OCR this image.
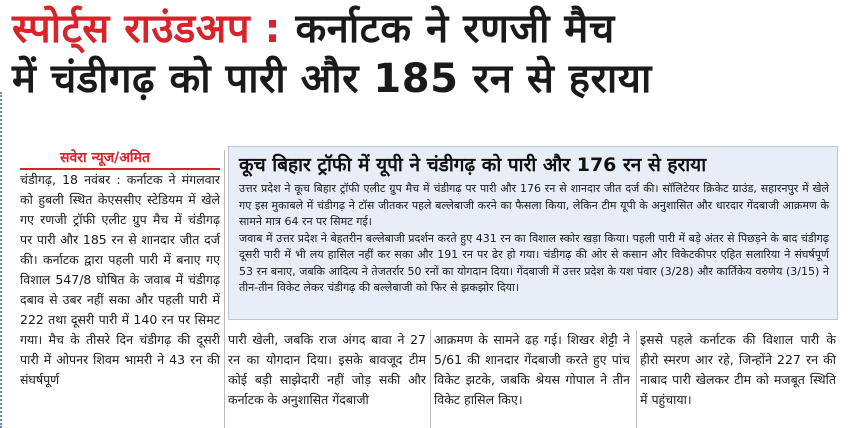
स्पोर्ट्स राउंडअप : कर्नाटक ने रणजी मैच
में चंडीगढ़ को पारी और 185 रन से हराया
सवेरा न्यूज/अमित

चंडीगढ़, 18 नवंबर : कर्नाटक ने मंगलवार को हुबली स्थित केएससीए स्टेडियम में खेले गए रणजी ट्रॉफी एलीट ग्रुप मैच में चंडीगढ़ पर पारी और 185 रन से शानदार जीत दर्ज की। कर्नाटक द्वारा पहली पारी में बनाए गए विशाल 547/8 घोषित के जवाब में चंडीगढ़ दबाव से उबर नहीं सका और पहली पारी में 222 तथा दूसरी पारी में 140 रन पर सिमट गया। मैच के तीसरे दिन चंडीगढ़ की दूसरी पारी में ओपनर शिवम भामरी ने 43 रन की संघर्षपूर्ण

कूच बिहार ट्रॉफी में यूपी ने चंडीगढ़ को पारी और 176 रन से हराया

उत्तर प्रदेश ने कूच बिहार ट्रॉफी एलीट ग्रुप मैच में चंडीगढ़ पर पारी और 176 रन से शानदार जीत दर्ज की। सॉलिटेयर क्रिकेट ग्राउंड, सहारनपुर में खेले गए इस मुकाबले में चंडीगढ़ ने टॉस जीतकर पहले बल्लेबाजी करने का फैसला किया, लेकिन टीम यूपी के अनुशासित और धारदार गेंदबाजी आक्रमण के सामने मात्र 64 रन पर सिमट गई।

जवाब में उत्तर प्रदेश ने बेहतरीन बल्लेबाजी प्रदर्शन करते हुए 431 रन का विशाल स्कोर खड़ा किया। पहली पारी में बड़े अंतर से पिछड़ने के बाद चंडीगढ़ दूसरी पारी में भी लय हासिल नहीं कर सका और 191 रन पर ढेर हो गया। चंडीगढ़ की ओर से कसान और विकेटकीपर एहित सलारिया ने संघर्षपूर्ण 53 रन बनाए, जबकि आदित्य ने तेजतर्रार 50 रनों का योगदान दिया। गेंदबाजी में उत्तर प्रदेश के यश पंवार (3/28) और कार्तिकेय वरुणेय (3/15) ने तीन-तीन विकेट लेकर चंडीगढ़ की बल्लेबाजी को फिर से झकझोर दिया।

पारी खेली, जबकि राज अंगद बावा ने 27 रन का योगदान दिया। इसके बावजूद टीम कोई बड़ी साझेदारी नहीं जोड़ सकी और कर्नाटक के अनुशासित गेंदबाजी

आक्रमण के सामने ढह गई। शिखर शेट्टी ने 5/61 की शानदार गेंदबाजी करते हुए पांच विकेट झटके, जबकि श्रेयस गोपाल ने तीन विकेट हासिल किए।

इससे पहले कर्नाटक की विशाल पारी के हीरो स्मरण आर रहे, जिन्होंने 227 रन की नाबाद पारी खेलकर टीम को मजबूत स्थिति में पहुंचाया।
